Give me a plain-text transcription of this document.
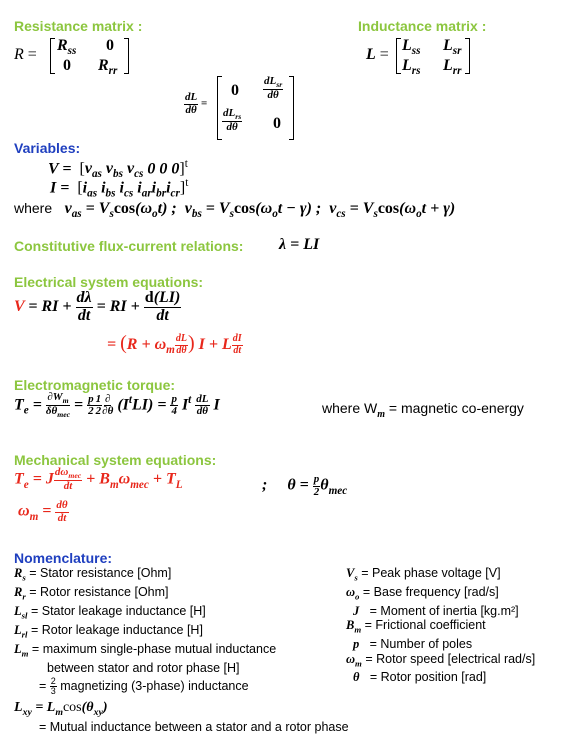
Resistance matrix :
R =
$R_{ss}$ 0
0 $R_{rr}$
Inductance matrix :
L =
$L_{ss}$ $L_{sr}$
$L_{rs}$ $L_{rr}$
$\frac{dL}{d\theta}$ =
$0 \frac{dL_{sr}}{d\theta}$
$\frac{dL_{rs}}{d\theta} 0$
Variables:
$V = [v_{as}$ $v_{bs}$ $v_{cs}$ 0 0 0]$^t$
$I = [i_{as}$ $i_{bs}$ $i_{cs}$ $i_{ar}i_{br}i_{cr}]^t$
where   $v_{as} = V_s\cos(\omega_ot)$ ;  $v_{bs} = V_s\cos(\omega_ot - \gamma)$ ;  $v_{cs} = V_s\cos(\omega_ot + \gamma)$
Constitutive flux-current relations: λ = LI
Electrical system equations:
V = RI + $\frac{d\lambda}{dt}$ = RI + $\frac{d(LI)}{dt}$
= ($R + \omega_m \frac{dL}{d\theta}$ ) I + L $\frac{dI}{dt}$
Electromagnetic torque:
$T_e = \frac{\partial W_m}{\delta\theta_{mec}} = \frac{p}{2} \frac{1}{2} \frac{\partial}{\partial\theta} (I^tLI) = \frac{p}{4} I^t \frac{dL}{d\theta}$ I	where $W_m$ = magnetic co-energy
Mechanical system equations:
$T_e = J \frac{d\omega_{mec}}{dt} + B_m\omega_{mec} + T_L$	;     $\theta = \frac{p}{2} \theta_{mec}$
$\omega_m = \frac{d\theta}{dt}$
Nomenclature:
$R_s$ = Stator resistance [Ohm]
$R_r$ = Rotor resistance [Ohm]
$L_{sl}$ = Stator leakage inductance [H]
$L_{rl}$ = Rotor leakage inductance [H]
$L_m$ = maximum single-phase mutual inductance
between stator and rotor phase [H]
= $\frac{2}{3}$ magnetizing (3-phase) inductance
$L_{xy} = L_m\cos(\theta_{xy})$
= Mutual inductance between a stator and a rotor phase
$V_s$ = Peak phase voltage [V]
$\omega_o$ = Base frequency [rad/s]
J   = Moment of inertia [kg.m²]
$B_m$ = Frictional coefficient
p   = Number of poles
$\omega_m$ = Rotor speed [electrical rad/s]
θ   = Rotor position [rad]
